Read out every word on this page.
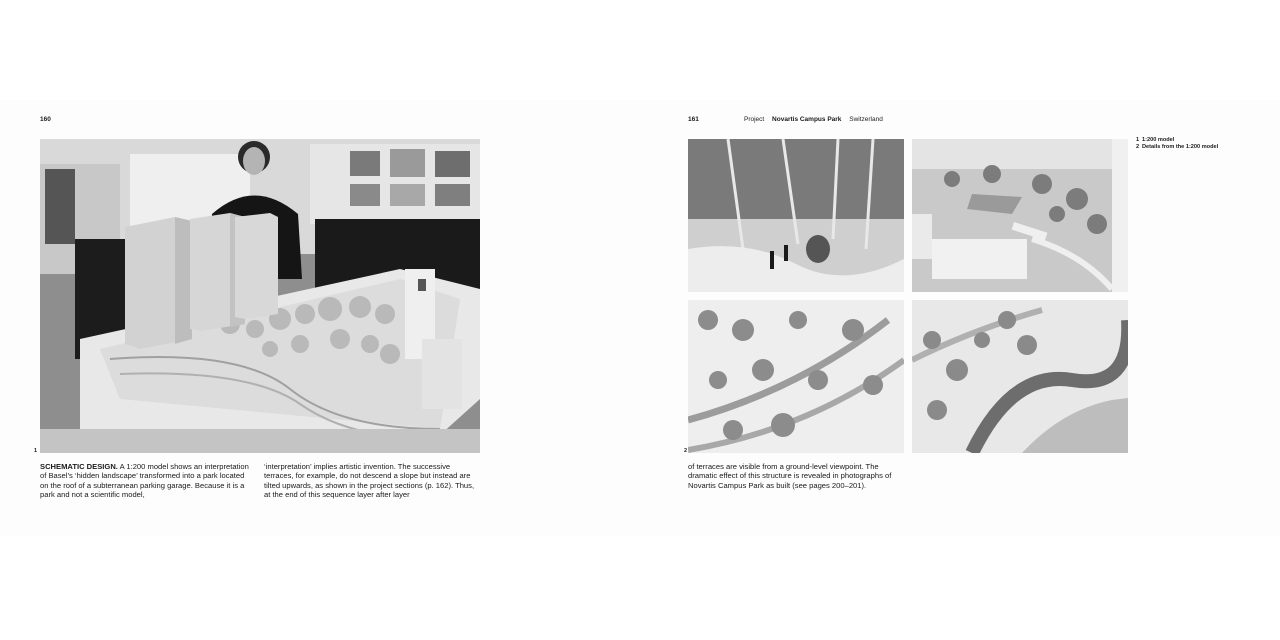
160
1
SCHEMATIC DESIGN. A 1:200 model shows an interpretation of Basel’s ‘hidden landscape’ transformed into a park located on the roof of a subterranean parking garage. Because it is a park and not a scientific model,
‘interpretation’ implies artistic invention. The successive terraces, for example, do not descend a slope but instead are tilted upwards, as shown in the project sections (p. 162). Thus, at the end of this sequence layer after layer
161	Project Novartis Campus Park Switzerland
2
of terraces are visible from a ground-level viewpoint. The dramatic effect of this structure is revealed in photographs of Novartis Campus Park as built (see pages 200–201).
1 1:200 model
2 Details from the 1:200 model
